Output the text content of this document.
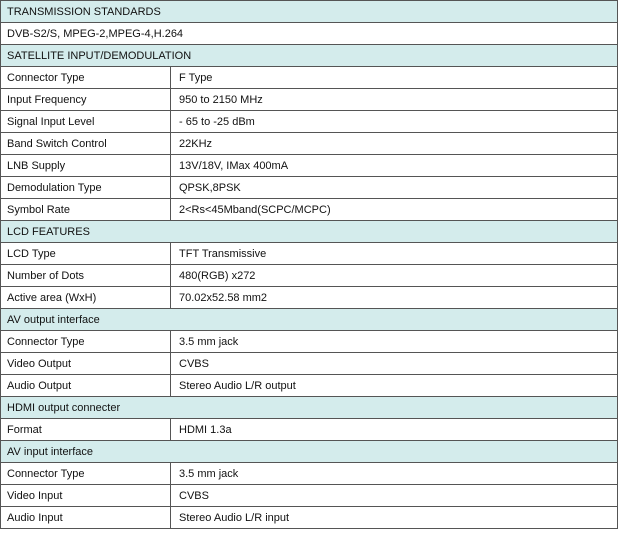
TRANSMISSION STANDARDS	
DVB-S2/S, MPEG-2,MPEG-4,H.264	
SATELLITE INPUT/DEMODULATION	
Connector Type	F Type
Input Frequency	950 to 2150 MHz
Signal Input Level	- 65 to -25 dBm
Band Switch Control	22KHz
LNB Supply	13V/18V, IMax 400mA
Demodulation Type	QPSK,8PSK
Symbol Rate	2<Rs<45Mband(SCPC/MCPC)
LCD FEATURES	
LCD Type	TFT Transmissive
Number of Dots	480(RGB) x272
Active area (WxH)	70.02x52.58 mm2
AV output interface	
Connector Type	3.5 mm jack
Video Output	CVBS
Audio Output	Stereo Audio L/R output
HDMI output connecter	
Format	HDMI 1.3a
AV input interface	
Connector Type	3.5 mm jack
Video Input	CVBS
Audio Input	Stereo Audio L/R input
